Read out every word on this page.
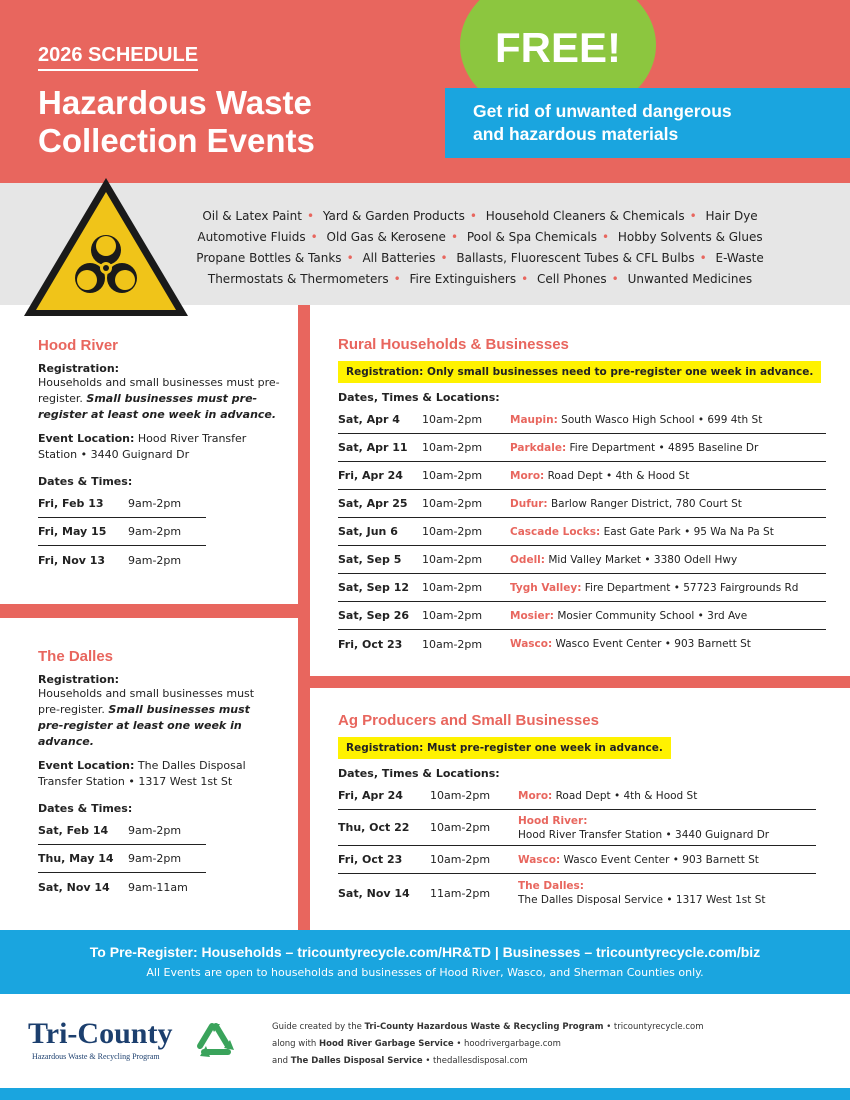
FREE!
Get rid of unwanted dangerous
and hazardous materials
2026 SCHEDULE
Hazardous Waste
Collection Events
Oil & Latex Paint • Yard & Garden Products • Household Cleaners & Chemicals • Hair Dye
Automotive Fluids • Old Gas & Kerosene • Pool & Spa Chemicals • Hobby Solvents & Glues
Propane Bottles & Tanks • All Batteries • Ballasts, Fluorescent Tubes & CFL Bulbs • E-Waste
Thermostats & Thermometers • Fire Extinguishers • Cell Phones • Unwanted Medicines
Hood River
Registration:
Households and small businesses must pre-register. Small businesses must pre-register at least one week in advance.
Event Location: Hood River Transfer Station • 3440 Guignard Dr
Dates & Times:
Fri, Feb 13	9am-2pm
Fri, May 15	9am-2pm
Fri, Nov 13	9am-2pm
The Dalles
Registration:
Households and small businesses must pre-register. Small businesses must pre-register at least one week in advance.
Event Location: The Dalles Disposal Transfer Station • 1317 West 1st St
Dates & Times:
Sat, Feb 14	9am-2pm
Thu, May 14	9am-2pm
Sat, Nov 14	9am-11am
Rural Households & Businesses
Registration: Only small businesses need to pre-register one week in advance.
Dates, Times & Locations:
Sat, Apr 4	10am-2pm	Maupin: South Wasco High School • 699 4th St
Sat, Apr 11	10am-2pm	Parkdale: Fire Department • 4895 Baseline Dr
Fri, Apr 24	10am-2pm	Moro: Road Dept • 4th & Hood St
Sat, Apr 25	10am-2pm	Dufur: Barlow Ranger District, 780 Court St
Sat, Jun 6	10am-2pm	Cascade Locks: East Gate Park • 95 Wa Na Pa St
Sat, Sep 5	10am-2pm	Odell: Mid Valley Market • 3380 Odell Hwy
Sat, Sep 12	10am-2pm	Tygh Valley: Fire Department • 57723 Fairgrounds Rd
Sat, Sep 26	10am-2pm	Mosier: Mosier Community School • 3rd Ave
Fri, Oct 23	10am-2pm	Wasco: Wasco Event Center • 903 Barnett St
Ag Producers and Small Businesses
Registration: Must pre-register one week in advance.
Dates, Times & Locations:
Fri, Apr 24	10am-2pm	Moro: Road Dept • 4th & Hood St
Thu, Oct 22	10am-2pm
Hood River:
Hood River Transfer Station • 3440 Guignard Dr
Fri, Oct 23	10am-2pm	Wasco: Wasco Event Center • 903 Barnett St
Sat, Nov 14	11am-2pm
The Dalles:
The Dalles Disposal Service • 1317 West 1st St
To Pre-Register: Households – tricountyrecycle.com/HR&TD | Businesses – tricountyrecycle.com/biz
All Events are open to households and businesses of Hood River, Wasco, and Sherman Counties only.
Tri-County
Hazardous Waste & Recycling Program
Guide created by the Tri-County Hazardous Waste & Recycling Program • tricountyrecycle.com
along with Hood River Garbage Service • hoodrivergarbage.com
and The Dalles Disposal Service • thedallesdisposal.com
